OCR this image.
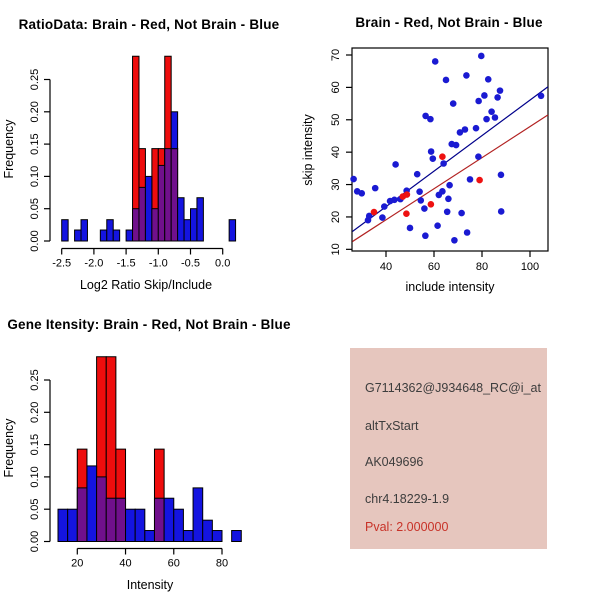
RatioData: Brain - Red, Not Brain - Blue
Frequency
Log2 Ratio Skip/Include
0.00
0.05
0.10
0.15
0.20
0.25
-2.5 -2.0 -1.5 -1.0 -0.5 0.0
Brain - Red, Not Brain - Blue
skip intensity
include intensity
10
20
30
40
50
60
70
40	60	80	100
Gene Itensity: Brain - Red, Not Brain - Blue
Frequency
Intensity
0.00
0.05
0.10
0.15
0.20
0.25
20	40	60	80

G7114362@J934648_RC@i_at

altTxStart

AK049696

chr4.18229-1.9

Pval: 2.000000
